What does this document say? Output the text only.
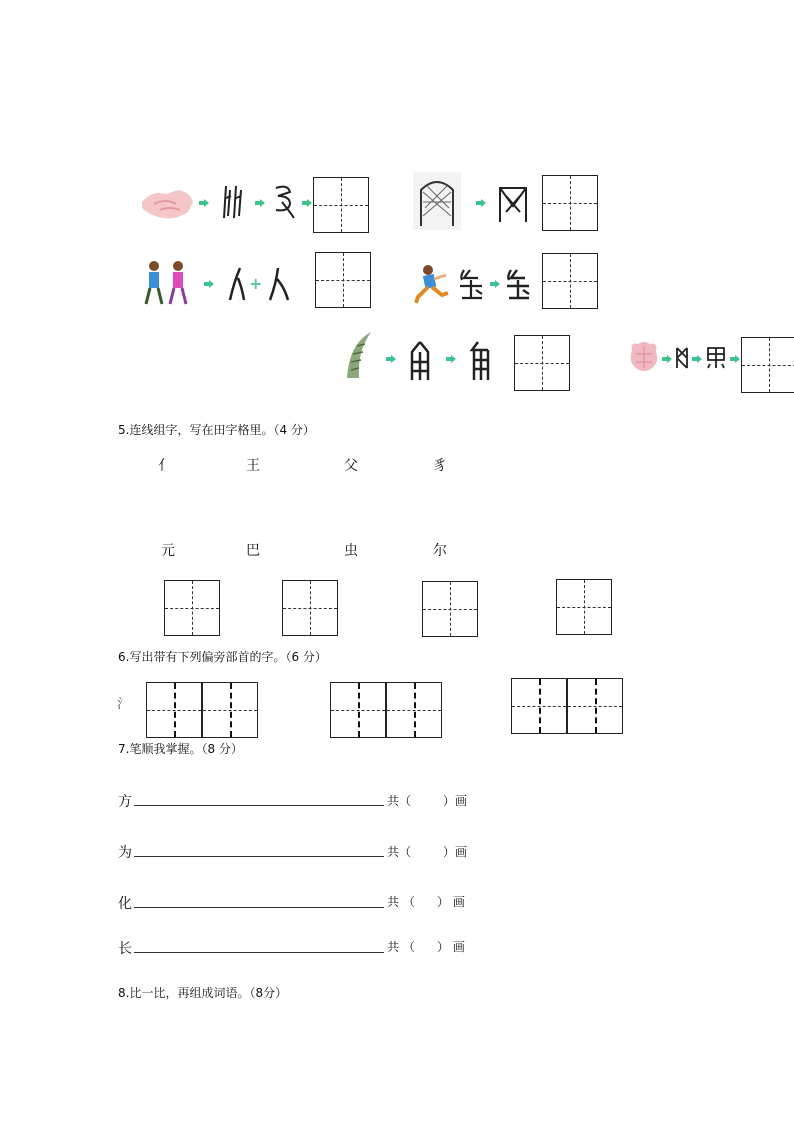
+
5.连线组字，写在田字格里。（4 分）
亻	王	父	豸
元	巴	虫	尔
6.写出带有下列偏旁部首的字。（6 分）
氵
7.笔顺我掌握。（8 分）
方	共（	）画
为	共（	）画
化	共 （ ） 画
长	共 （ ） 画
8.比一比，再组成词语。（8分）
